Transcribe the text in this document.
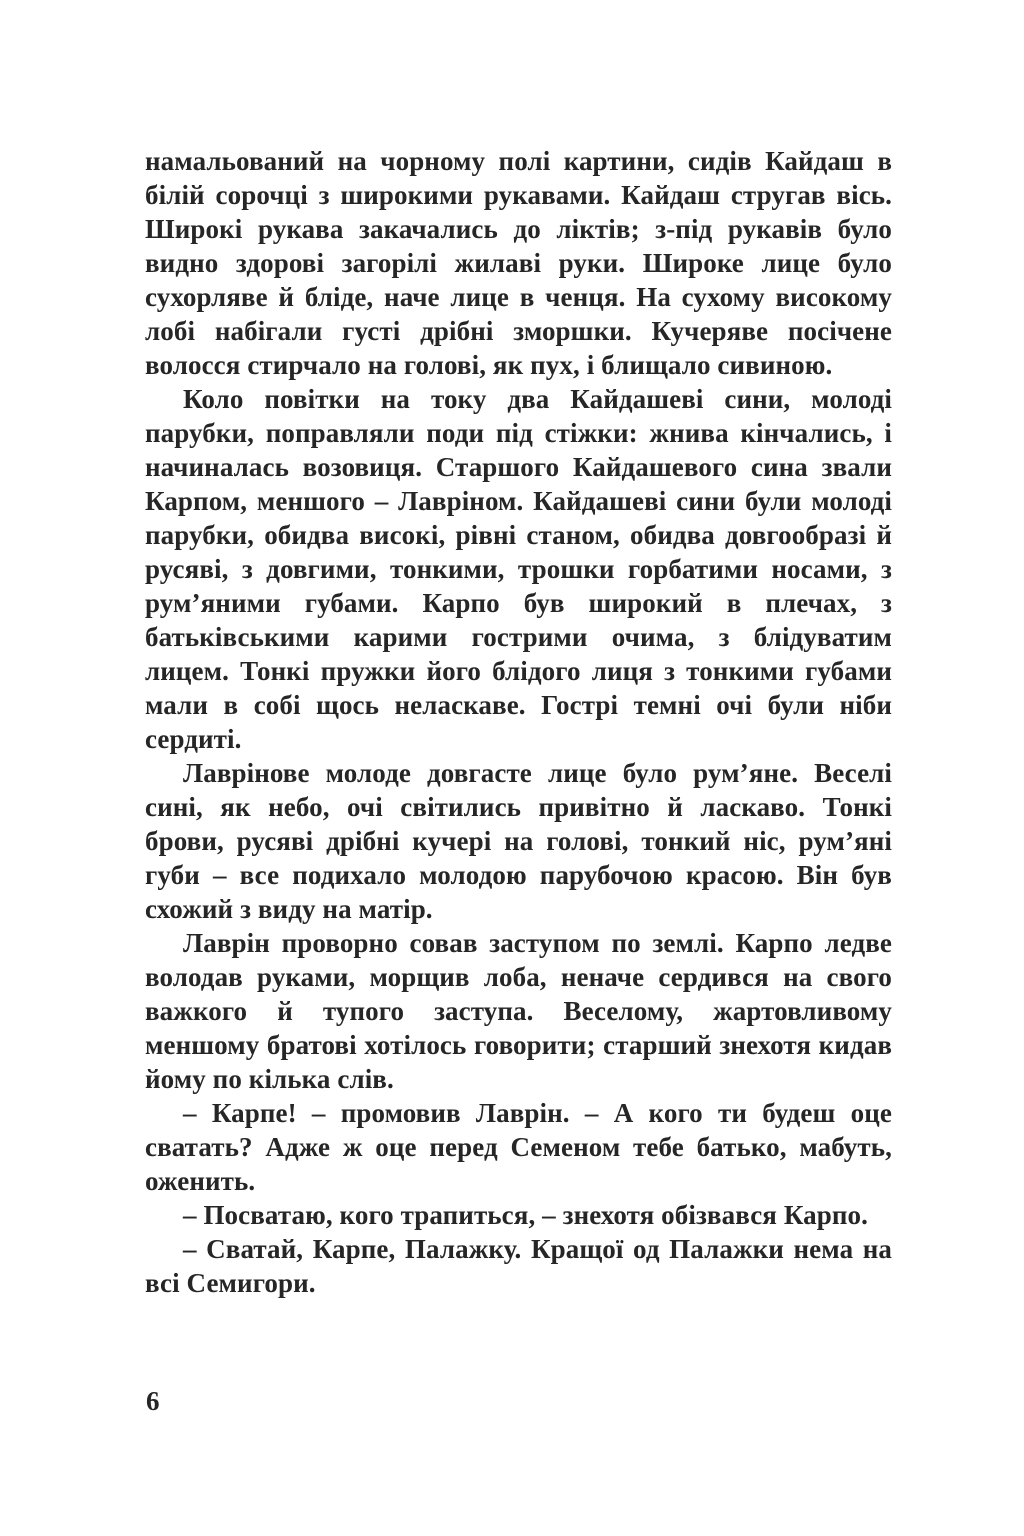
намальований на чорному полі картини, сидів Кайдаш в білій сорочці з широкими рукавами. Кайдаш стругав вісь. Широкі рукава закачались до ліктів; з-під рукавів було видно здорові загорілі жилаві руки. Широке лице було сухорляве й бліде, наче лице в ченця. На сухому високому лобі набігали густі дрібні зморшки. Кучеряве посічене волосся стирчало на голові, як пух, і блищало сивиною.

Коло повітки на току два Кайдашеві сини, молоді парубки, поправляли поди під стіжки: жнива кінчались, і начиналась возовиця. Старшого Кайдашевого сина звали Карпом, меншого – Лавріном. Кайдашеві сини були молоді парубки, обидва високі, рівні станом, обидва довгообразі й русяві, з довгими, тонкими, трошки горбатими носами, з рум’яними губами. Карпо був широкий в плечах, з батьківськими карими гострими очима, з блідуватим лицем. Тонкі пружки його блідого лиця з тонкими губами мали в собі щось неласкаве. Гострі темні очі були ніби сердиті.

Лаврінове молоде довгасте лице було рум’яне. Веселі сині, як небо, очі світились привітно й ласкаво. Тонкі брови, русяві дрібні кучері на голові, тонкий ніс, рум’яні губи – все подихало молодою парубочою красою. Він був схожий з виду на матір.

Лаврін проворно совав заступом по землі. Карпо ледве володав руками, морщив лоба, неначе сердився на свого важкого й тупого заступа. Веселому, жартовливому меншому братові хотілось говорити; старший знехотя кидав йому по кілька слів.

– Карпе! – промовив Лаврін. – А кого ти будеш оце сватать? Адже ж оце перед Семеном тебе батько, мабуть, оженить.

– Посватаю, кого трапиться, – знехотя обізвався Карпо.

– Сватай, Карпе, Палажку. Кращої од Палажки нема на всі Семигори.

6
